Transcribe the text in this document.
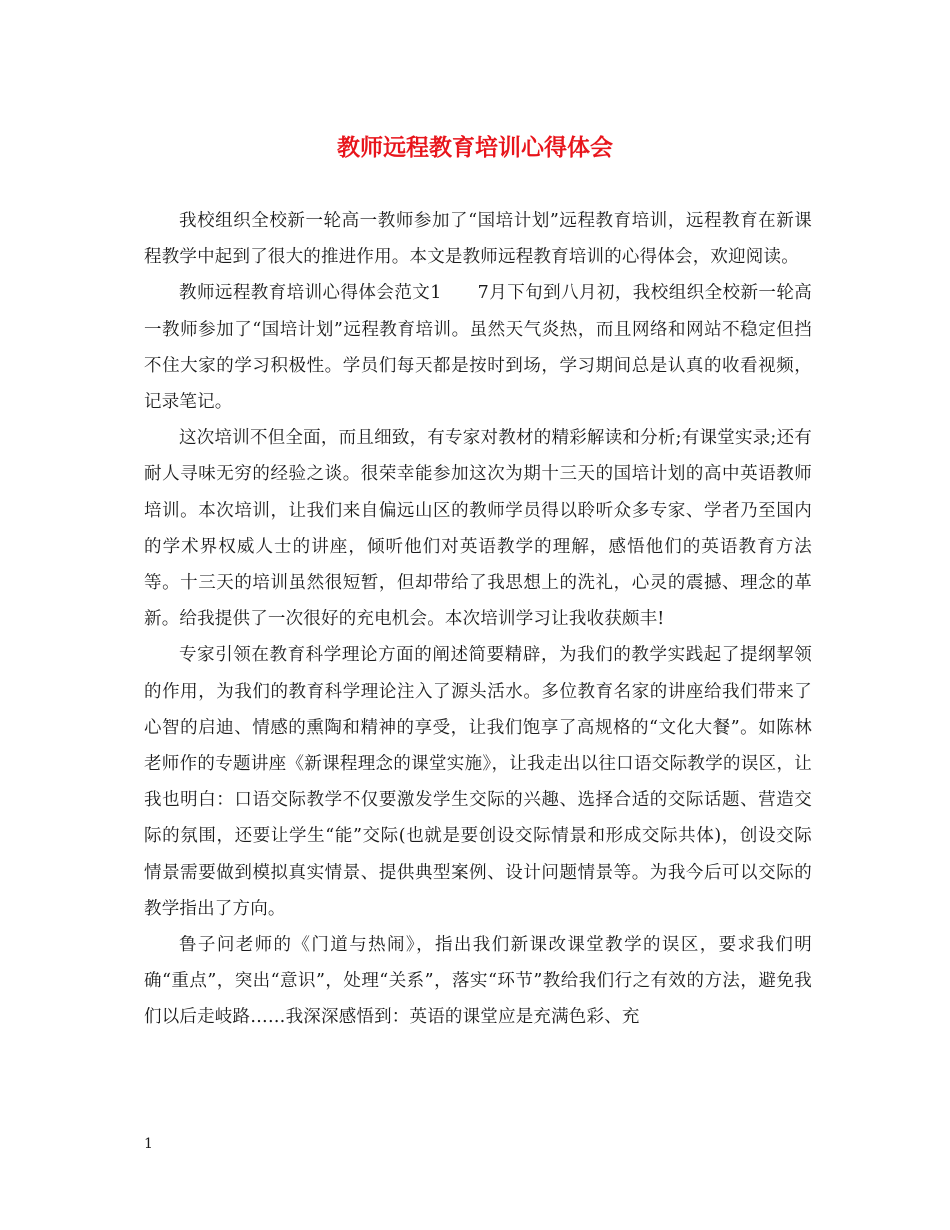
教师远程教育培训心得体会

我校组织全校新一轮高一教师参加了“国培计划”远程教育培训，远程教育在新课程教学中起到了很大的推进作用。本文是教师远程教育培训的心得体会，欢迎阅读。

教师远程教育培训心得体会范文1　　7月下旬到八月初，我校组织全校新一轮高一教师参加了“国培计划”远程教育培训。虽然天气炎热，而且网络和网站不稳定但挡不住大家的学习积极性。学员们每天都是按时到场，学习期间总是认真的收看视频，记录笔记。

这次培训不但全面，而且细致，有专家对教材的精彩解读和分析;有课堂实录;还有耐人寻味无穷的经验之谈。很荣幸能参加这次为期十三天的国培计划的高中英语教师培训。本次培训，让我们来自偏远山区的教师学员得以聆听众多专家、学者乃至国内的学术界权威人士的讲座，倾听他们对英语教学的理解，感悟他们的英语教育方法等。十三天的培训虽然很短暂，但却带给了我思想上的洗礼，心灵的震撼、理念的革新。给我提供了一次很好的充电机会。本次培训学习让我收获颇丰!

专家引领在教育科学理论方面的阐述简要精辟，为我们的教学实践起了提纲挈领的作用，为我们的教育科学理论注入了源头活水。多位教育名家的讲座给我们带来了心智的启迪、情感的熏陶和精神的享受，让我们饱享了高规格的“文化大餐”。如陈林老师作的专题讲座《新课程理念的课堂实施》，让我走出以往口语交际教学的误区，让我也明白：口语交际教学不仅要激发学生交际的兴趣、选择合适的交际话题、营造交际的氛围，还要让学生“能”交际(也就是要创设交际情景和形成交际共体)，创设交际情景需要做到模拟真实情景、提供典型案例、设计问题情景等。为我今后可以交际的教学指出了方向。

鲁子问老师的《门道与热闹》，指出我们新课改课堂教学的误区，要求我们明确“重点”，突出“意识”，处理“关系”，落实“环节”教给我们行之有效的方法，避免我们以后走岐路……我深深感悟到：英语的课堂应是充满色彩、充

1
